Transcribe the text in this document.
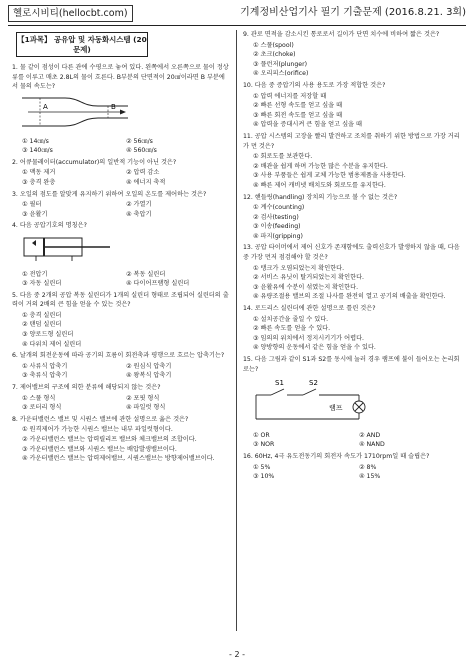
헬로시비티(hellocbt.com)	기계정비산업기사 필기 기출문제 (2016.8.21. 3회)
【1과목】 공유압 및 자동화시스템 (20문제)

1. 물 같이 점성이 다른 관에 수평으로 놓여 있다. 왼쪽에서 오른쪽으로 물이 정상류를 이루고 매초 2.8L의 물이 흐른다. B부분의 단면적이 20㎠이라면 B 부분에서 물의 속도는?

A	B
① 14㎝/s	② 56㎝/s
③ 140㎝/s	④ 560㎝/s

2. 어큐물레이터(accumulator)의 일반적 기능이 아닌 것은?

① 맥동 제거	② 압력 감소
③ 충격 완충	④ 에너지 축적

3. 오일의 점도를 알맞게 유지하기 위하여 오일의 온도를 제어하는 것은?

① 필터	② 가열기
③ 윤활기	④ 축압기

4. 다음 공압기호의 명칭은?

① 전압기	② 복동 실린더
③ 자동 실린더	④ 다이어프램형 실린더

5. 다음 중 2개의 공압 복동 실린더가 1개의 실린더 형태로 조립되어 실린더의 출력이 거의 2배의 큰 힘을 얻을 수 있는 것은?

① 충격 실린더
② 탠덤 실린더
③ 양로드형 실린더
④ 다위치 제어 실린더

6. 날개의 회전운동에 따라 공기의 흐름이 회전축과 평행으로 흐르는 압축기는?

① 사류식 압축기	② 원심식 압축기
③ 축류식 압축기	④ 왕복식 압축기

7. 제어밸브의 구조에 의한 분류에 해당되지 않는 것은?

① 스풀 형식	② 포핏 형식
③ 로터리 형식	④ 파일럿 형식

8. 카운터밸런스 밸브 및 시퀀스 밸브에 관한 설명으로 옳은 것은?

① 원격제어가 가능한 시퀀스 밸브는 내부 파일럿형이다.
② 카운터밸런스 밸브는 압력릴리프 밸브와 체크밸브의 조합이다.
③ 카운터밸런스 밸브와 시퀀스 밸브는 배압발생밸브이다.
④ 카운터밸런스 밸브는 압력제어밸브, 시퀀스밸브는 방향제어밸브이다.

9. 관로 면적을 감소시킨 통로로서 길이가 단면 치수에 비하여 짧은 것은?

① 스풀(spool)
② 초크(choke)
③ 플런저(plunger)
④ 오리피스(orifice)

10. 다음 중 증압기의 사용 용도로 가장 적합한 것은?

① 압력 에너지를 저장할 때
② 빠른 선형 속도를 얻고 싶을 때
③ 빠른 회전 속도를 얻고 싶을 때
④ 압력을 증대시켜 큰 힘을 얻고 싶을 때

11. 공압 시스템의 고장을 빨리 발견하고 조치를 취하기 위한 방법으로 가장 거리가 먼 것은?

① 회로도를 보관한다.
② 배관을 쉽게 하며 가능한 많은 수분을 유지한다.
③ 사용 부품들은 쉽게 교체 가능한 범용제품을 사용한다.
④ 빠른 제어 캐비넷 배치도와 회로도를 유지한다.

12. 핸들링(handling) 장치의 기능으로 볼 수 없는 것은?

① 계수(counting)
② 검사(testing)
③ 이송(feeding)
④ 파지(gripping)

13. 공압 타이머에서 제어 신호가 존재함에도 출력신호가 발생하지 않을 때, 다음 중 가장 먼저 점검해야 할 것은?

① 탱크가 오염되었는지 확인한다.
② 서비스 유닛이 탈거되었는지 확인한다.
③ 윤활유에 수분이 섞였는지 확인한다.
④ 유량조절용 밸브의 조절 나사를 완전히 열고 공기의 배출을 확인한다.

14. 로드리스 실린더에 관한 설명으로 틀린 것은?

① 설치공간을 줄일 수 있다.
② 빠른 속도를 얻을 수 있다.
③ 임의의 위치에서 정지시키기가 어렵다.
④ 양방향의 운동에서 같은 힘을 얻을 수 있다.

15. 다음 그림과 같이 S1과 S2를 동시에 눌러 경우 램프에 불이 들어오는 논리회로는?

S1	S2
램프
① OR	② AND
③ NOR	④ NAND

16. 60Hz, 4극 유도전동기의 회전자 속도가 1710rpm일 때 슬립은?

① 5%	② 8%
③ 10%	④ 15%
- 2 -
